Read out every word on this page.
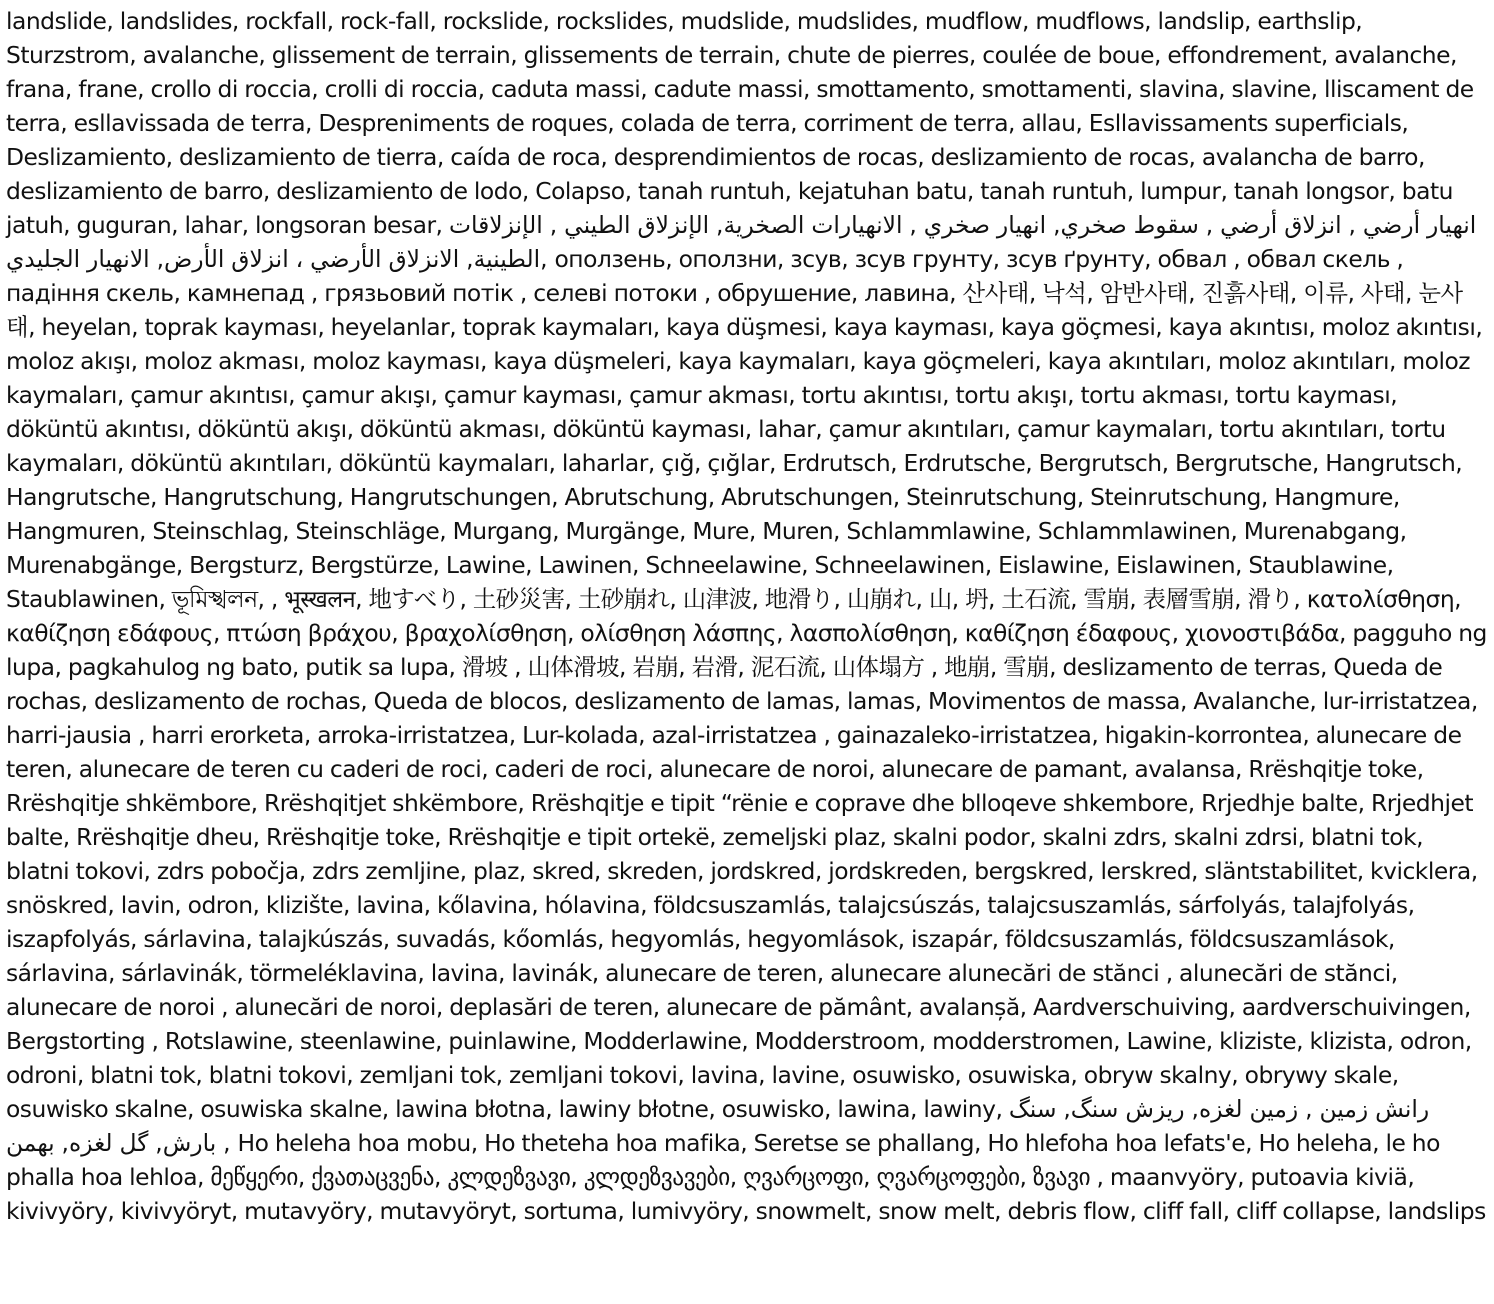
landslide, landslides, rockfall, rock-fall, rockslide, rockslides, mudslide, mudslides, mudflow, mudflows, landslip, earthslip, Sturzstrom, avalanche, glissement de terrain, glissements de terrain, chute de pierres, coulée de boue, effondrement, avalanche, frana, frane, crollo di roccia, crolli di roccia, caduta massi, cadute massi, smottamento, smottamenti, slavina, slavine, lliscament de terra, esllavissada de terra, Despreniments de roques, colada de terra, corriment de terra, allau, Esllavissaments superficials, Deslizamiento, deslizamiento de tierra, caída de roca, desprendimientos de rocas, deslizamiento de rocas, avalancha de barro, deslizamiento de barro, deslizamiento de lodo, Colapso, tanah runtuh, kejatuhan batu, tanah runtuh, lumpur, tanah longsor, batu jatuh, guguran, lahar, longsoran besar, انهيار أرضي , انزلاق أرضي , سقوط صخري, انهيار صخري , الانهيارات الصخرية, الإنزلاق الطيني , الإنزلاقات الطينية, الانزلاق الأرضي ، انزلاق الأرض, الانهيار الجليدي, оползень, оползни, зсув, зсув грунту, зсув ґрунту, обвал , обвал скель , падіння скель, камнепад , грязьовий потік , селеві потоки , обрушение, лавина, 산사태, 낙석, 암반사태, 진흙사태, 이류, 사태, 눈사태, heyelan, toprak kayması, heyelanlar, toprak kaymaları, kaya düşmesi, kaya kayması, kaya göçmesi, kaya akıntısı, moloz akıntısı, moloz akışı, moloz akması, moloz kayması, kaya düşmeleri, kaya kaymaları, kaya göçmeleri, kaya akıntıları, moloz akıntıları, moloz kaymaları, çamur akıntısı, çamur akışı, çamur kayması, çamur akması, tortu akıntısı, tortu akışı, tortu akması, tortu kayması, döküntü akıntısı, döküntü akışı, döküntü akması, döküntü kayması, lahar, çamur akıntıları, çamur kaymaları, tortu akıntıları, tortu kaymaları, döküntü akıntıları, döküntü kaymaları, laharlar, çığ, çığlar, Erdrutsch, Erdrutsche, Bergrutsch, Bergrutsche, Hangrutsch, Hangrutsche, Hangrutschung, Hangrutschungen, Abrutschung, Abrutschungen, Steinrutschung, Steinrutschung, Hangmure, Hangmuren, Steinschlag, Steinschläge, Murgang, Murgänge, Mure, Muren, Schlammlawine, Schlammlawinen, Murenabgang, Murenabgänge, Bergsturz, Bergstürze, Lawine, Lawinen, Schneelawine, Schneelawinen, Eislawine, Eislawinen, Staublawine, Staublawinen, ভূমিস্খলন, , भूस्खलन, 地すべり, 土砂災害, 土砂崩れ, 山津波, 地滑り, 山崩れ, 山, 坍, 土石流, 雪崩, 表層雪崩, 滑り, κατολίσθηση, καθίζηση εδάφους, πτώση βράχου, βραχολίσθηση, ολίσθηση λάσπης, λασπολίσθηση, καθίζηση έδαφους, χιονοστιβάδα, pagguho ng lupa, pagkahulog ng bato, putik sa lupa, 滑坡 , 山体滑坡, 岩崩, 岩滑, 泥石流, 山体塌方 , 地崩, 雪崩, deslizamento de terras, Queda de rochas, deslizamento de rochas, Queda de blocos, deslizamento de lamas, lamas, Movimentos de massa, Avalanche, lur-irristatzea, harri-jausia , harri erorketa, arroka-irristatzea, Lur-kolada, azal-irristatzea , gainazaleko-irristatzea, higakin-korrontea, alunecare de teren, alunecare de teren cu caderi de roci, caderi de roci, alunecare de noroi, alunecare de pamant, avalansa, Rrëshqitje toke, Rrëshqitje shkëmbore, Rrëshqitjet shkëmbore, Rrëshqitje e tipit “rënie e coprave dhe blloqeve shkembore, Rrjedhje balte, Rrjedhjet balte, Rrëshqitje dheu, Rrëshqitje toke, Rrëshqitje e tipit ortekë, zemeljski plaz, skalni podor, skalni zdrs, skalni zdrsi, blatni tok, blatni tokovi, zdrs pobočja, zdrs zemljine, plaz, skred, skreden, jordskred, jordskreden, bergskred, lerskred, släntstabilitet, kvicklera, snöskred, lavin, odron, klizište, lavina, kőlavina, hólavina, földcsuszamlás, talajcsúszás, talajcsuszamlás, sárfolyás, talajfolyás, iszapfolyás, sárlavina, talajkúszás, suvadás, kőomlás, hegyomlás, hegyomlások, iszapár, földcsuszamlás, földcsuszamlások, sárlavina, sárlavinák, törmeléklavina, lavina, lavinák, alunecare de teren, alunecare alunecări de stănci , alunecări de stănci, alunecare de noroi , alunecări de noroi, deplasări de teren, alunecare de pământ, avalanșă, Aardverschuiving, aardverschuivingen, Bergstorting , Rotslawine, steenlawine, puinlawine, Modderlawine, Modderstroom, modderstromen, Lawine, kliziste, klizista, odron, odroni, blatni tok, blatni tokovi, zemljani tok, zemljani tokovi, lavina, lavine, osuwisko, osuwiska, obryw skalny, obrywy skale, osuwisko skalne, osuwiska skalne, lawina błotna, lawiny błotne, osuwisko, lawina, lawiny, رانش زمین , زمین لغزه, ریزش سنگ, سنگ بارش, گل لغزه, بهمن , Ho heleha hoa mobu, Ho theteha hoa mafika, Seretse se phallang, Ho hlefoha hoa lefats'e, Ho heleha, le ho phalla hoa lehloa, მეწყერი, ქვათაცვენა, კლდეზვავი, კლდეზვავები, ღვარცოფი, ღვარცოფები, ზვავი , maanvyöry, putoavia kiviä, kivivyöry, kivivyöryt, mutavyöry, mutavyöryt, sortuma, lumivyöry, snowmelt, snow melt, debris flow, cliff fall, cliff collapse, landslips
